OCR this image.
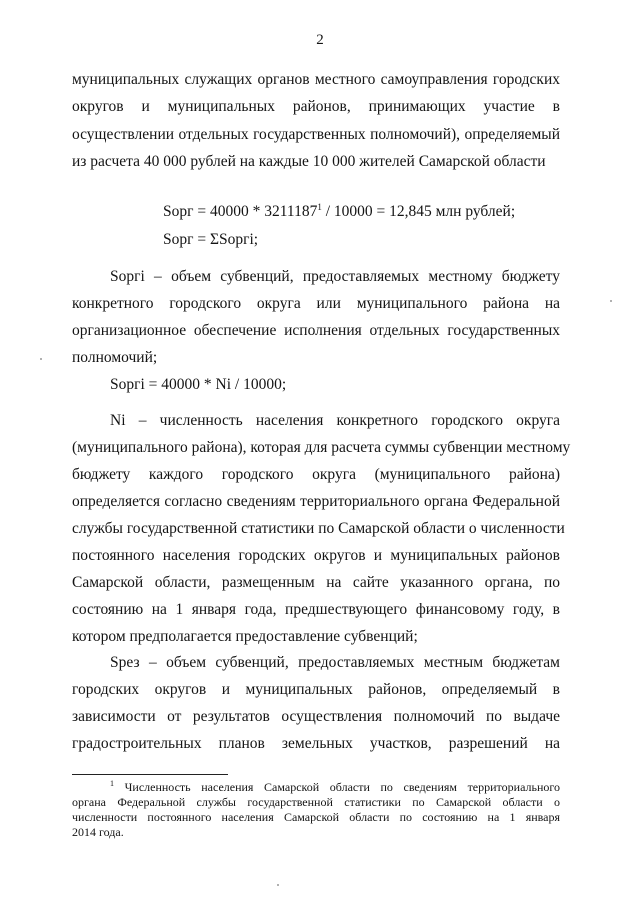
2
муниципальных служащих органов местного самоуправления городских
округов и муниципальных районов, принимающих участие в
осуществлении отдельных государственных полномочий), определяемый
из расчета 40 000 рублей на каждые 10 000 жителей Самарской области
Sорг = 40000 * 3211187$^1$ / 10000 = 12,845 млн рублей;
Sорг = ΣSоргi;
Sоргi – объем субвенций, предоставляемых местному бюджету
конкретного городского округа или муниципального района на
организационное обеспечение исполнения отдельных государственных
полномочий;
Sоргi = 40000 * Ni / 10000;
Ni – численность населения конкретного городского округа
(муниципального района), которая для расчета суммы субвенции местному
бюджету каждого городского округа (муниципального района)
определяется согласно сведениям территориального органа Федеральной
службы государственной статистики по Самарской области о численности
постоянного населения городских округов и муниципальных районов
Самарской области, размещенным на сайте указанного органа, по
состоянию на 1 января года, предшествующего финансовому году, в
котором предполагается предоставление субвенций;
Sрез – объем субвенций, предоставляемых местным бюджетам
городских округов и муниципальных районов, определяемый в
зависимости от результатов осуществления полномочий по выдаче
градостроительных планов земельных участков, разрешений на
$^1$ Численность населения Самарской области по сведениям территориального
органа Федеральной службы государственной статистики по Самарской области о
численности постоянного населения Самарской области по состоянию на 1 января
2014 года.
